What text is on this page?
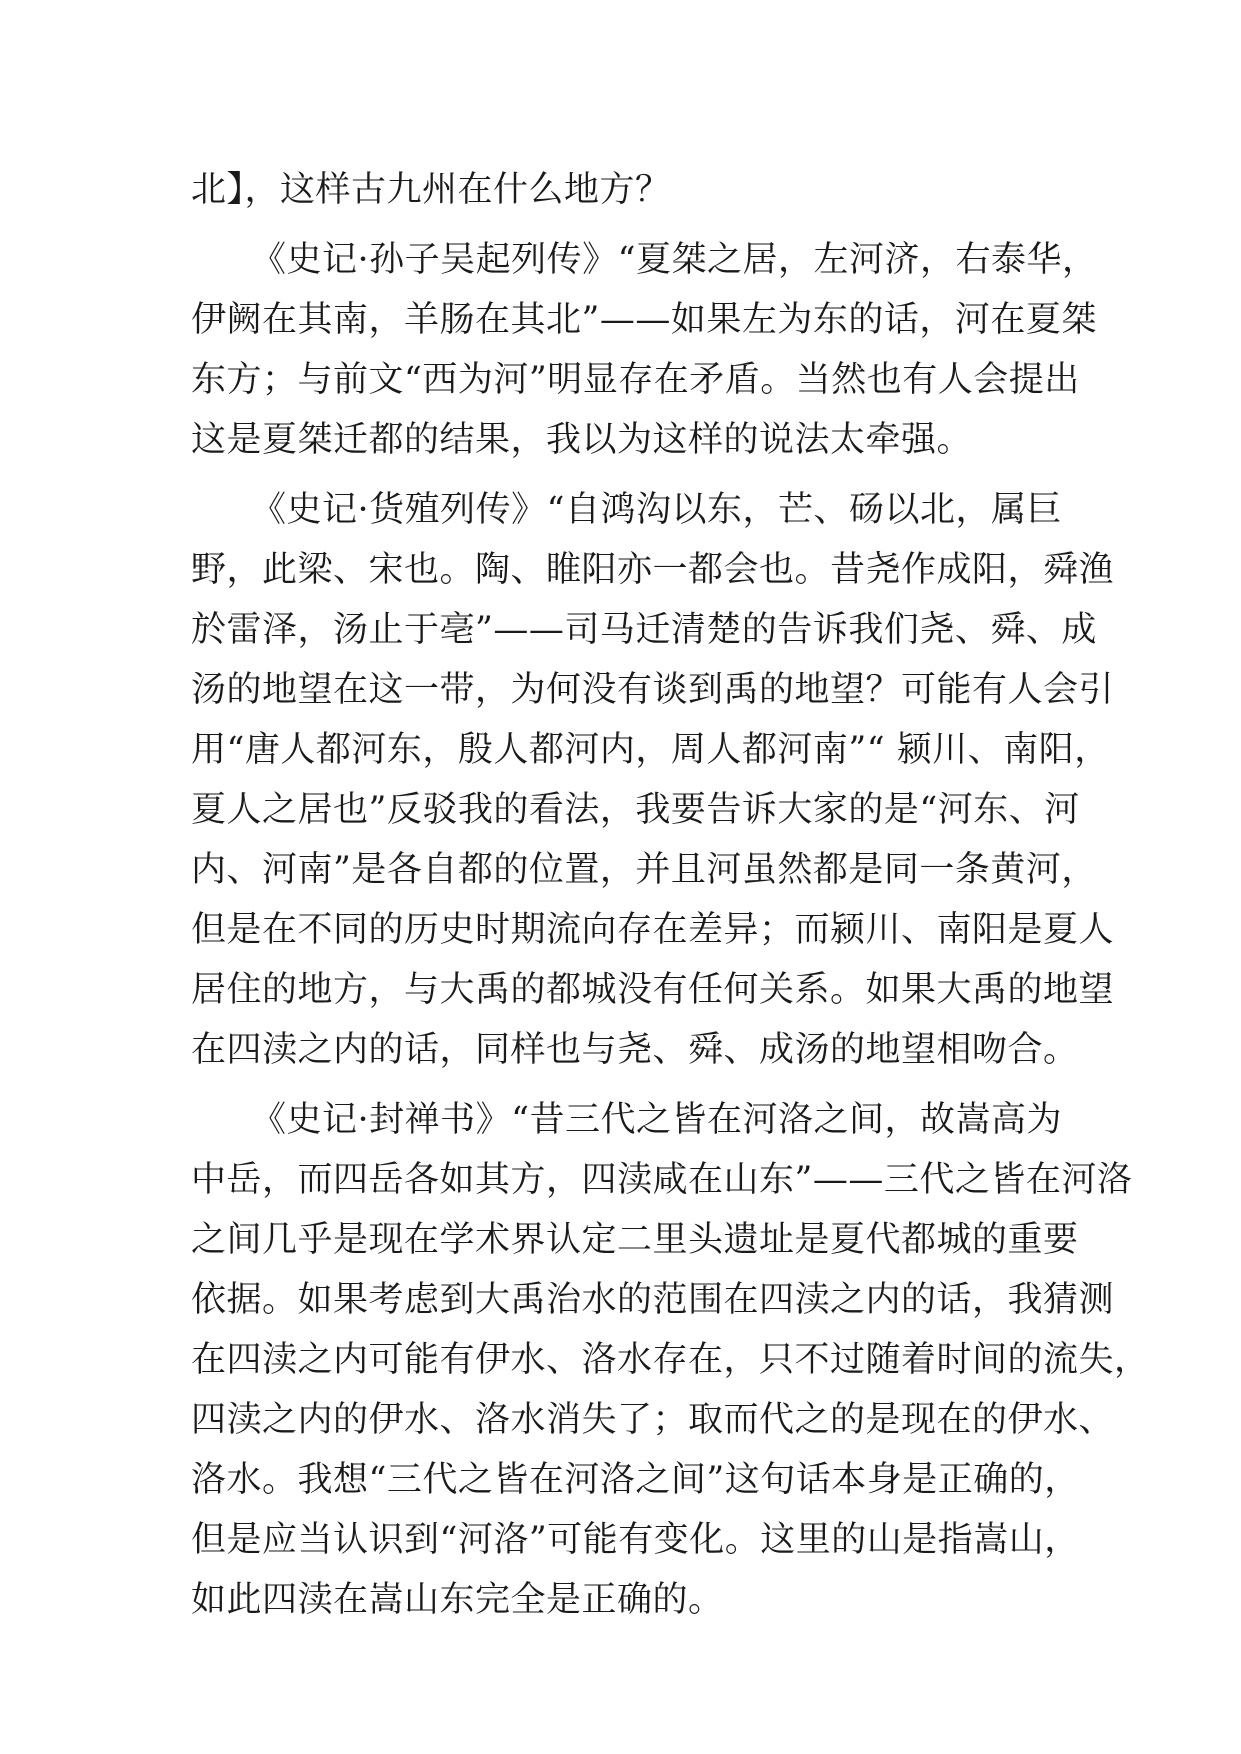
北】，这样古九州在什么地方？
《史记·孙子吴起列传》“夏桀之居，左河济，右泰华，
伊阙在其南，羊肠在其北”——如果左为东的话，河在夏桀
东方；与前文“西为河”明显存在矛盾。当然也有人会提出
这是夏桀迁都的结果，我以为这样的说法太牵强。
《史记·货殖列传》“自鸿沟以东，芒、砀以北，属巨
野，此梁、宋也。陶、睢阳亦一都会也。昔尧作成阳，舜渔
於雷泽，汤止于亳”——司马迁清楚的告诉我们尧、舜、成
汤的地望在这一带，为何没有谈到禹的地望？可能有人会引
用“唐人都河东，殷人都河内，周人都河南”“ 颍川、南阳，
夏人之居也”反驳我的看法，我要告诉大家的是“河东、河
内、河南”是各自都的位置，并且河虽然都是同一条黄河，
但是在不同的历史时期流向存在差异；而颍川、南阳是夏人
居住的地方，与大禹的都城没有任何关系。如果大禹的地望
在四渎之内的话，同样也与尧、舜、成汤的地望相吻合。
《史记·封禅书》“昔三代之皆在河洛之间，故嵩高为
中岳，而四岳各如其方，四渎咸在山东”——三代之皆在河洛
之间几乎是现在学术界认定二里头遗址是夏代都城的重要
依据。如果考虑到大禹治水的范围在四渎之内的话，我猜测
在四渎之内可能有伊水、洛水存在，只不过随着时间的流失，
四渎之内的伊水、洛水消失了；取而代之的是现在的伊水、
洛水。我想“三代之皆在河洛之间”这句话本身是正确的，
但是应当认识到“河洛”可能有变化。这里的山是指嵩山，
如此四渎在嵩山东完全是正确的。
